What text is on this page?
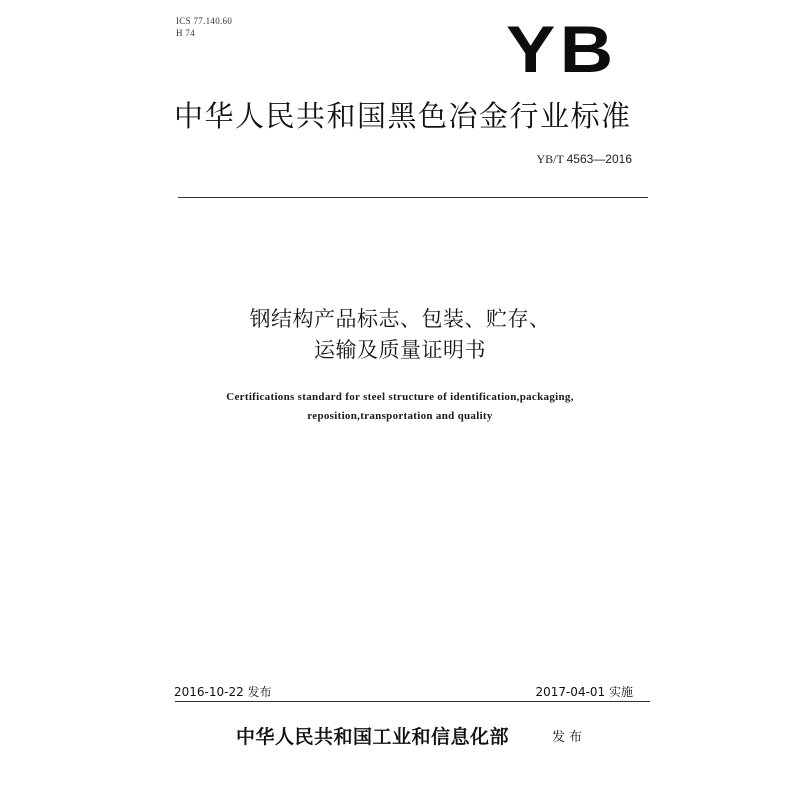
ICS 77.140.60
H 74	YB
中华人民共和国黑色冶金行业标准
YB/T 4563—2016
钢结构产品标志、包装、贮存、
运输及质量证明书
Certifications standard for steel structure of identification,packaging,
reposition,transportation and quality
2016-10-22 发布	2017-04-01 实施
中华人民共和国工业和信息化部	发布
